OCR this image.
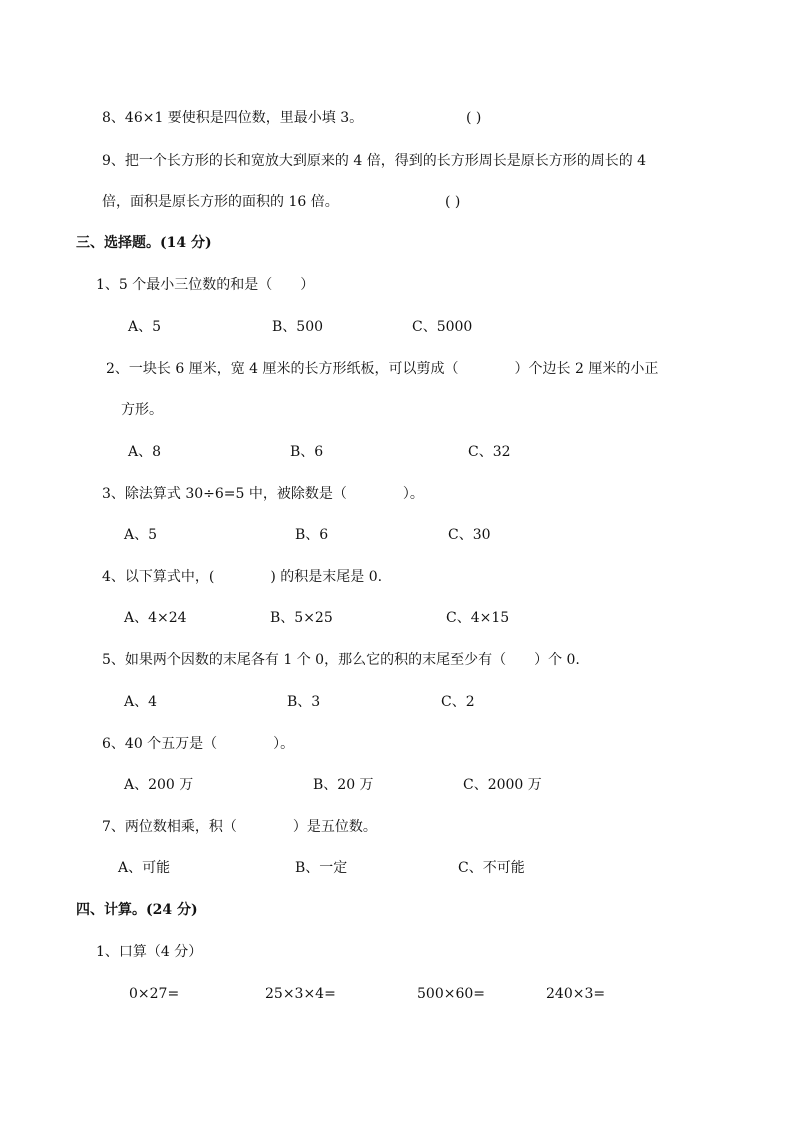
8、46×1 要使积是四位数，里最小填 3。	( )
9、把一个长方形的长和宽放大到原来的 4 倍，得到的长方形周长是原长方形的周长的 4
倍，面积是原长方形的面积的 16 倍。	( )
三、选择题。(14 分)
1、5 个最小三位数的和是（　　）
A、5	B、500	C、5000
2、一块长 6 厘米，宽 4 厘米的长方形纸板，可以剪成（　　　　）个边长 2 厘米的小正
方形。
A、8	B、6	C、32
3、除法算式 30÷6=5 中，被除数是（　　　　）。
A、5	B、6	C、30
4、以下算式中，(　　　　) 的积是末尾是 0.
A、4×24	B、5×25	C、4×15
5、如果两个因数的末尾各有 1 个 0，那么它的积的末尾至少有（　　）个 0.
A、4	B、3	C、2
6、40 个五万是（　　　　）。
A、200 万	B、20 万	C、2000 万
7、两位数相乘，积（　　　　）是五位数。
A、可能	B、一定	C、不可能
四、计算。(24 分)
1、口算（4 分）
0×27=	25×3×4=	500×60=	240×3=
